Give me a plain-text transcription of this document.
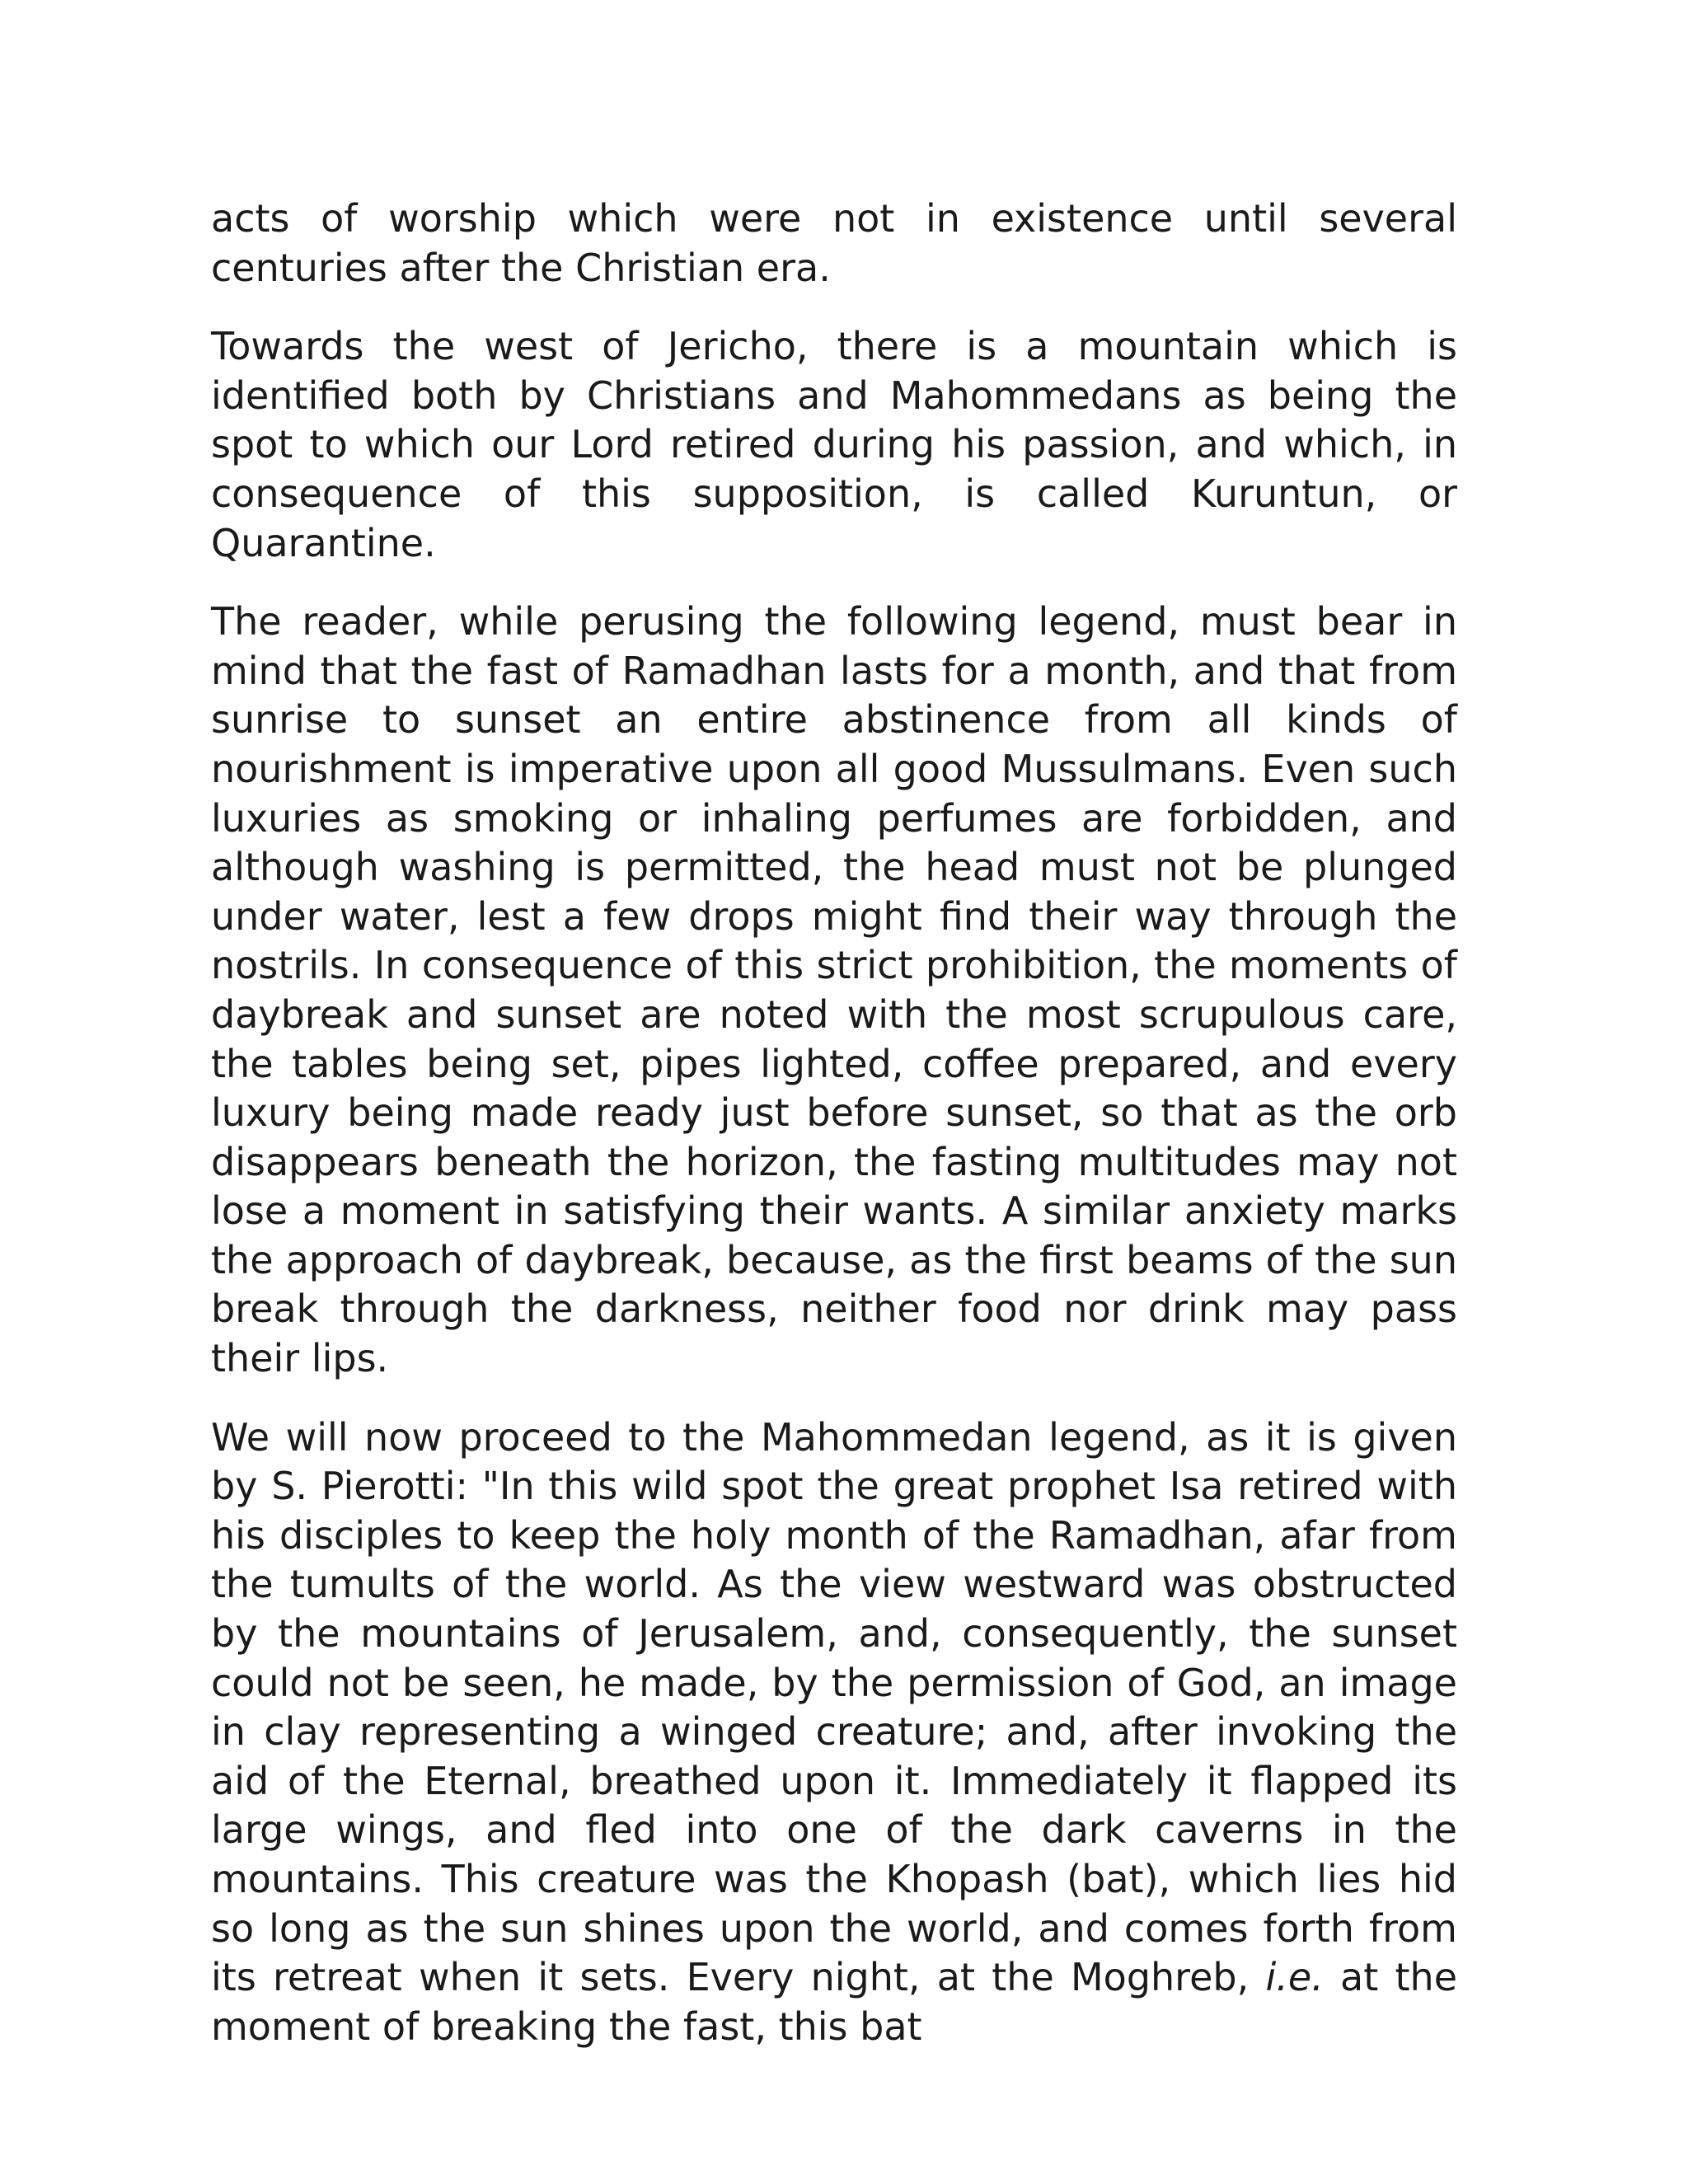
acts of worship which were not in existence until several centuries after the Christian era.

Towards the west of Jericho, there is a mountain which is identified both by Christians and Mahommedans as being the spot to which our Lord retired during his passion, and which, in consequence of this supposition, is called Kuruntun, or Quarantine.

The reader, while perusing the following legend, must bear in mind that the fast of Ramadhan lasts for a month, and that from sunrise to sunset an entire abstinence from all kinds of nourishment is imperative upon all good Mussulmans. Even such luxuries as smoking or inhaling perfumes are forbidden, and although washing is permitted, the head must not be plunged under water, lest a few drops might find their way through the nostrils. In consequence of this strict prohibition, the moments of daybreak and sunset are noted with the most scrupulous care, the tables being set, pipes lighted, coffee prepared, and every luxury being made ready just before sunset, so that as the orb disappears beneath the horizon, the fasting multitudes may not lose a moment in satisfying their wants. A similar anxiety marks the approach of daybreak, because, as the first beams of the sun break through the darkness, neither food nor drink may pass their lips.

We will now proceed to the Mahommedan legend, as it is given by S. Pierotti: "In this wild spot the great prophet Isa retired with his disciples to keep the holy month of the Ramadhan, afar from the tumults of the world. As the view westward was obstructed by the mountains of Jerusalem, and, consequently, the sunset could not be seen, he made, by the permission of God, an image in clay representing a winged creature; and, after invoking the aid of the Eternal, breathed upon it. Immediately it flapped its large wings, and fled into one of the dark caverns in the mountains. This creature was the Khopash (bat), which lies hid so long as the sun shines upon the world, and comes forth from its retreat when it sets. Every night, at the Moghreb, i.e. at the moment of breaking the fast, this bat
